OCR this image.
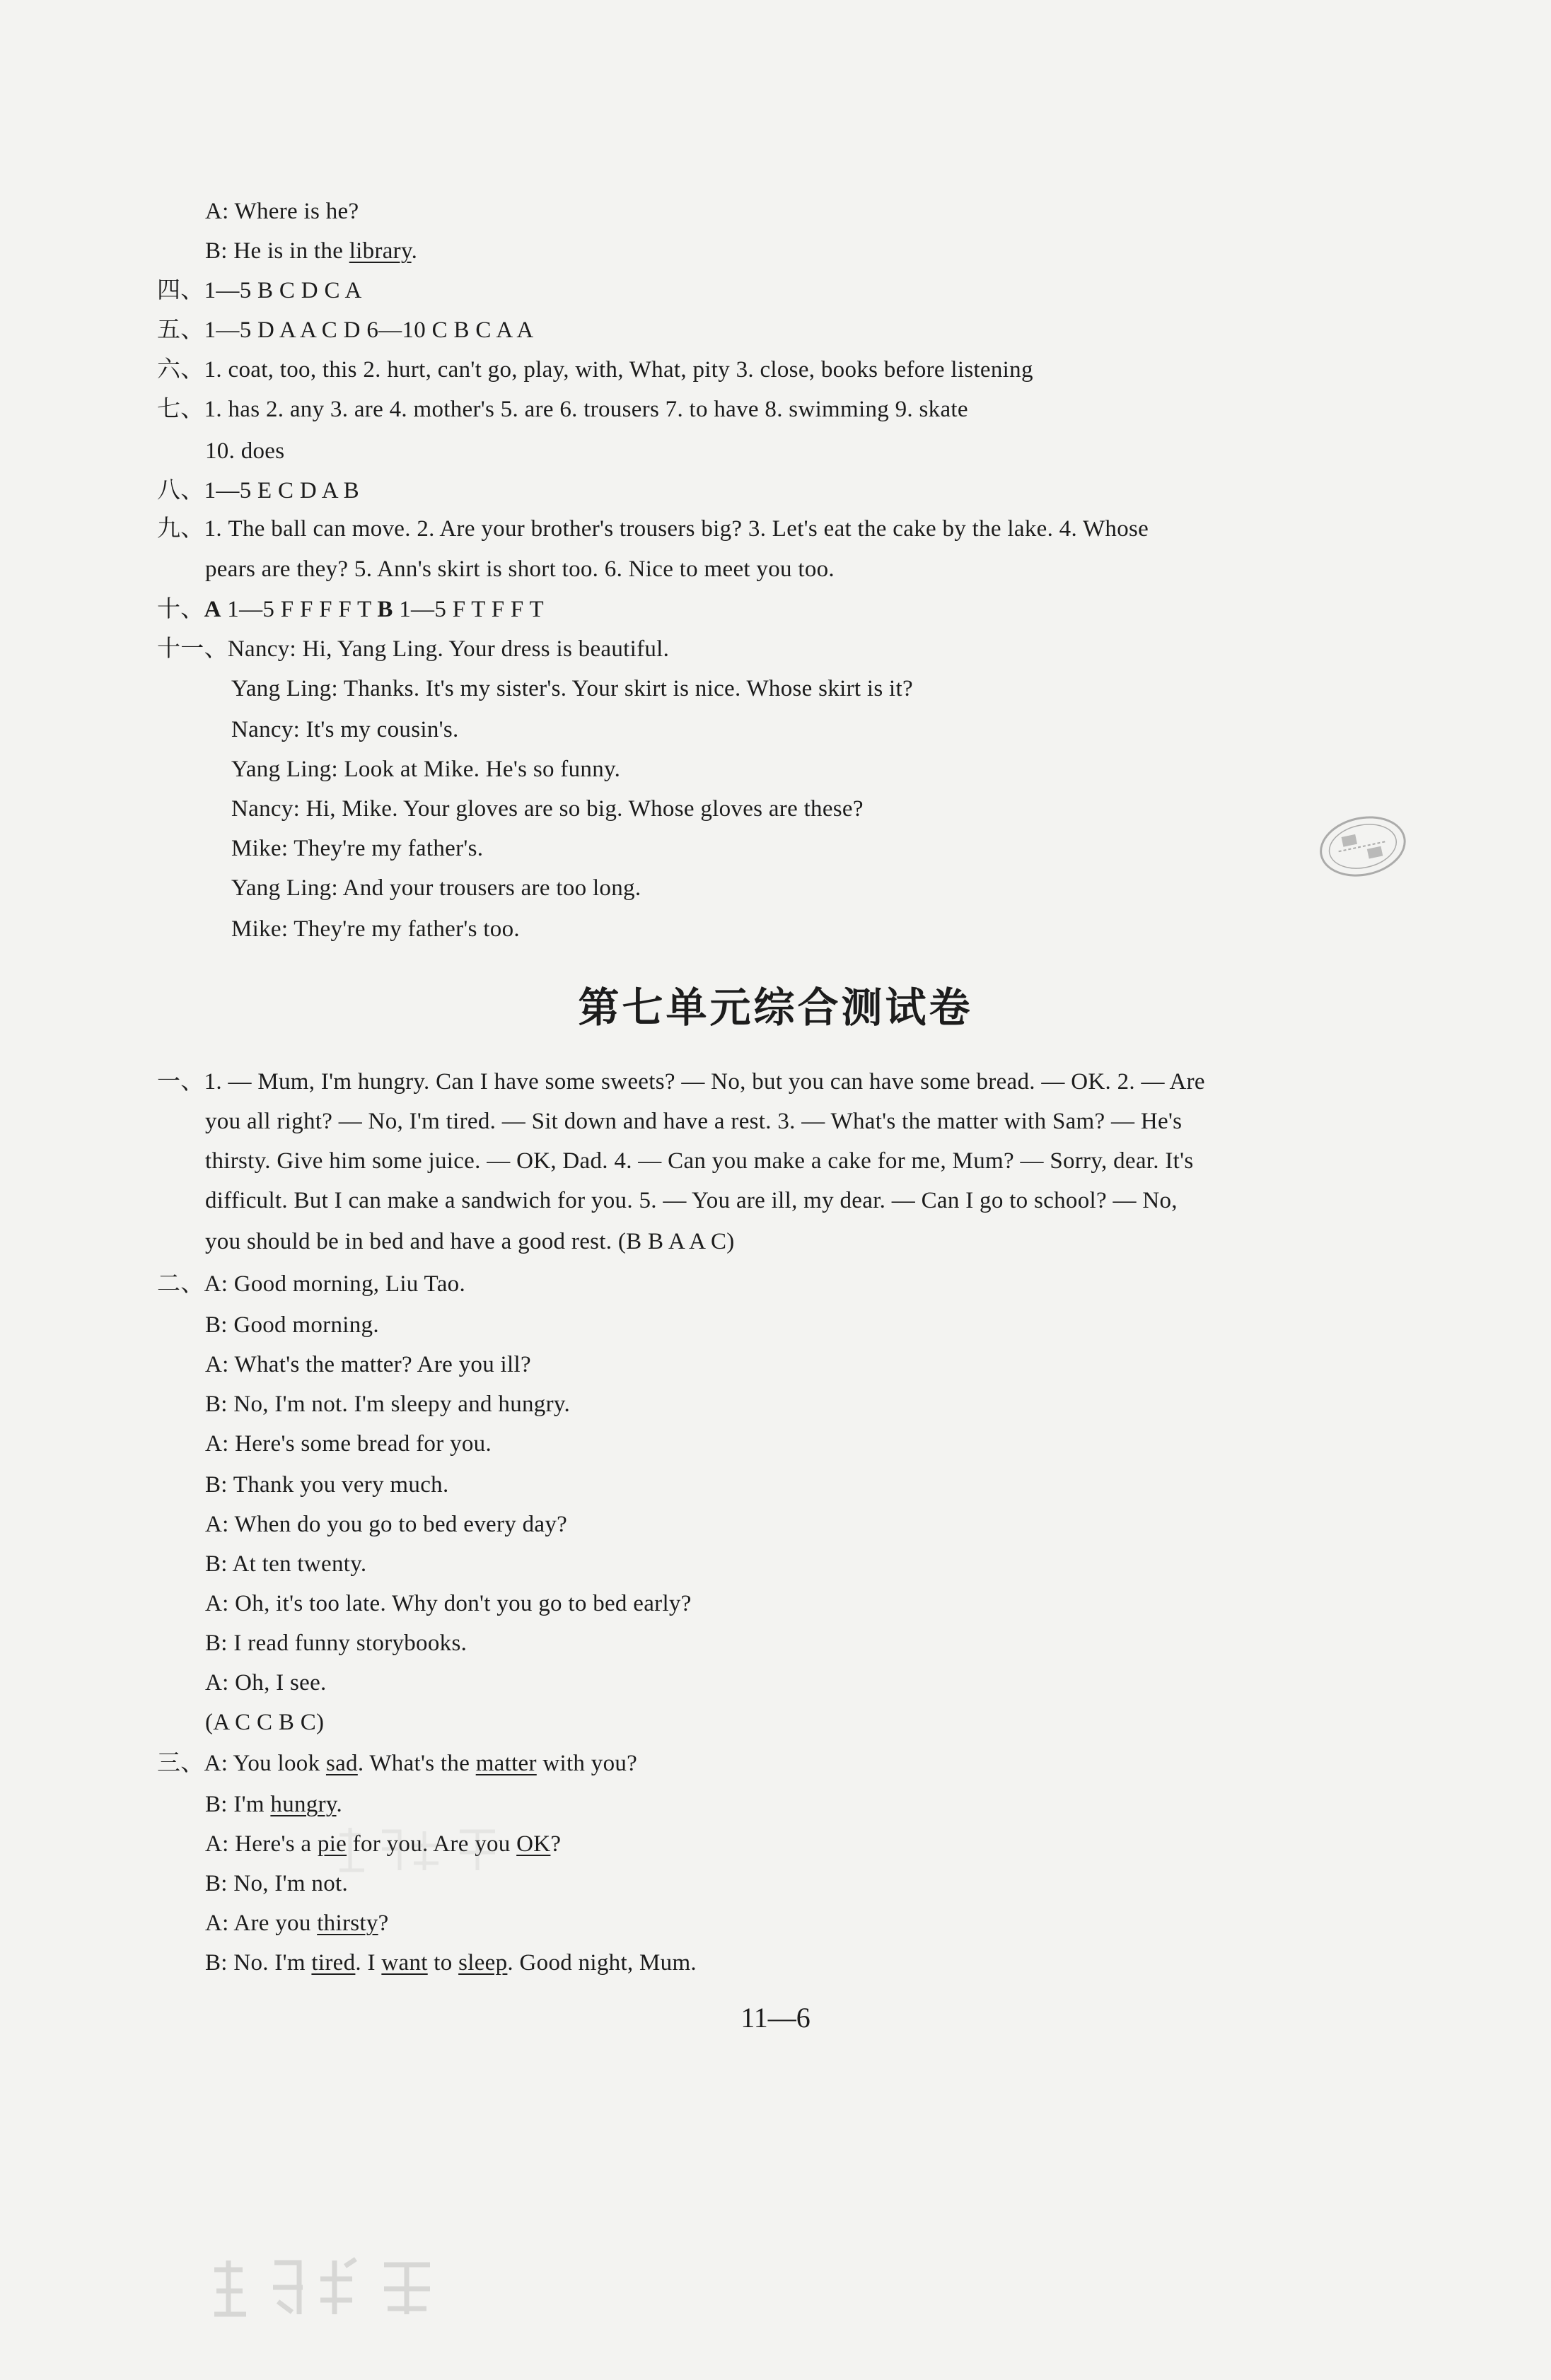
A: Where is he?
B: He is in the library.
四、1—5 B C D C A
五、1—5 D A A C D 6—10 C B C A A
六、1. coat, too, this 2. hurt, can't go, play, with, What, pity 3. close, books before listening
七、1. has 2. any 3. are 4. mother's 5. are 6. trousers 7. to have 8. swimming 9. skate
10. does
八、1—5 E C D A B
九、1. The ball can move. 2. Are your brother's trousers big? 3. Let's eat the cake by the lake. 4. Whose
pears are they? 5. Ann's skirt is short too. 6. Nice to meet you too.
十、A 1—5 F F F F T B 1—5 F T F F T
十一、Nancy: Hi, Yang Ling. Your dress is beautiful.
Yang Ling: Thanks. It's my sister's. Your skirt is nice. Whose skirt is it?
Nancy: It's my cousin's.
Yang Ling: Look at Mike. He's so funny.
Nancy: Hi, Mike. Your gloves are so big. Whose gloves are these?
Mike: They're my father's.
Yang Ling: And your trousers are too long.
Mike: They're my father's too.
第七单元综合测试卷
一、1. — Mum, I'm hungry. Can I have some sweets? — No, but you can have some bread. — OK. 2. — Are
you all right? — No, I'm tired. — Sit down and have a rest. 3. — What's the matter with Sam? — He's
thirsty. Give him some juice. — OK, Dad. 4. — Can you make a cake for me, Mum? — Sorry, dear. It's
difficult. But I can make a sandwich for you. 5. — You are ill, my dear. — Can I go to school? — No,
you should be in bed and have a good rest. (B B A A C)
二、A: Good morning, Liu Tao.
B: Good morning.
A: What's the matter? Are you ill?
B: No, I'm not. I'm sleepy and hungry.
A: Here's some bread for you.
B: Thank you very much.
A: When do you go to bed every day?
B: At ten twenty.
A: Oh, it's too late. Why don't you go to bed early?
B: I read funny storybooks.
A: Oh, I see.
(A C C B C)
三、A: You look sad. What's the matter with you?
B: I'm hungry.
A: Here's a pie for you. Are you OK?
B: No, I'm not.
A: Are you thirsty?
B: No. I'm tired. I want to sleep. Good night, Mum.
11—6
